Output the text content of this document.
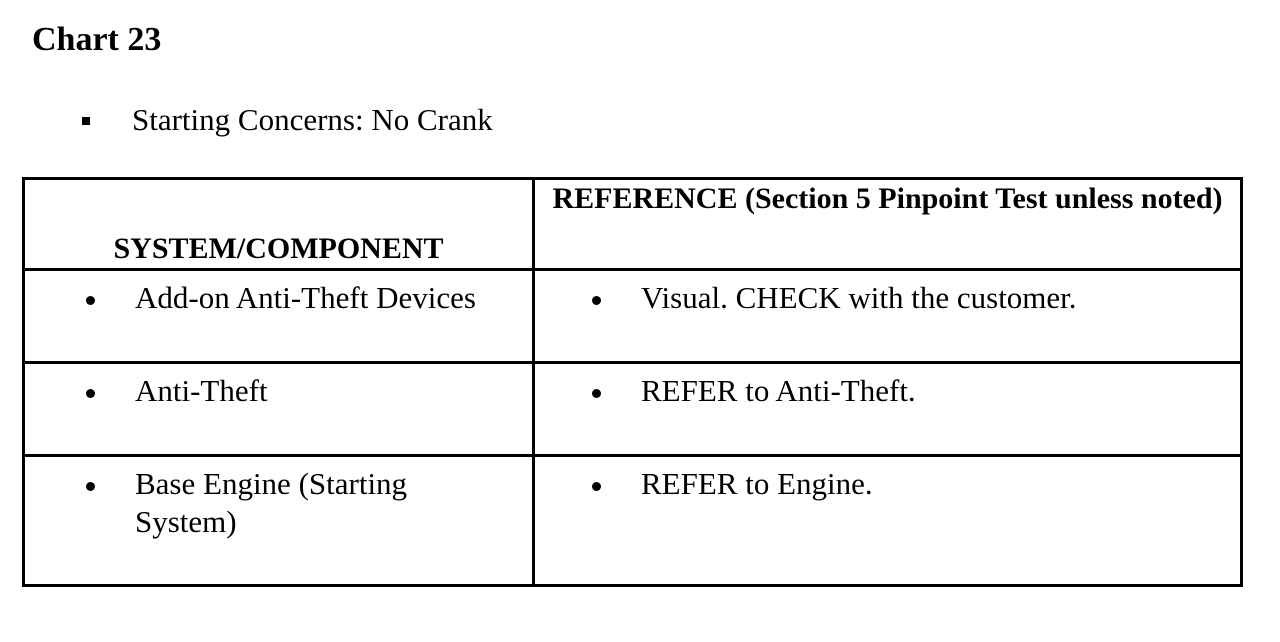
Chart 23
Starting Concerns: No Crank
SYSTEM/COMPONENT	REFERENCE (Section 5 Pinpoint Test unless noted)

Add-on Anti-Theft Devices	Visual. CHECK with the customer.

Anti-Theft	REFER to Anti-Theft.

Base Engine (Starting System)	REFER to Engine.
